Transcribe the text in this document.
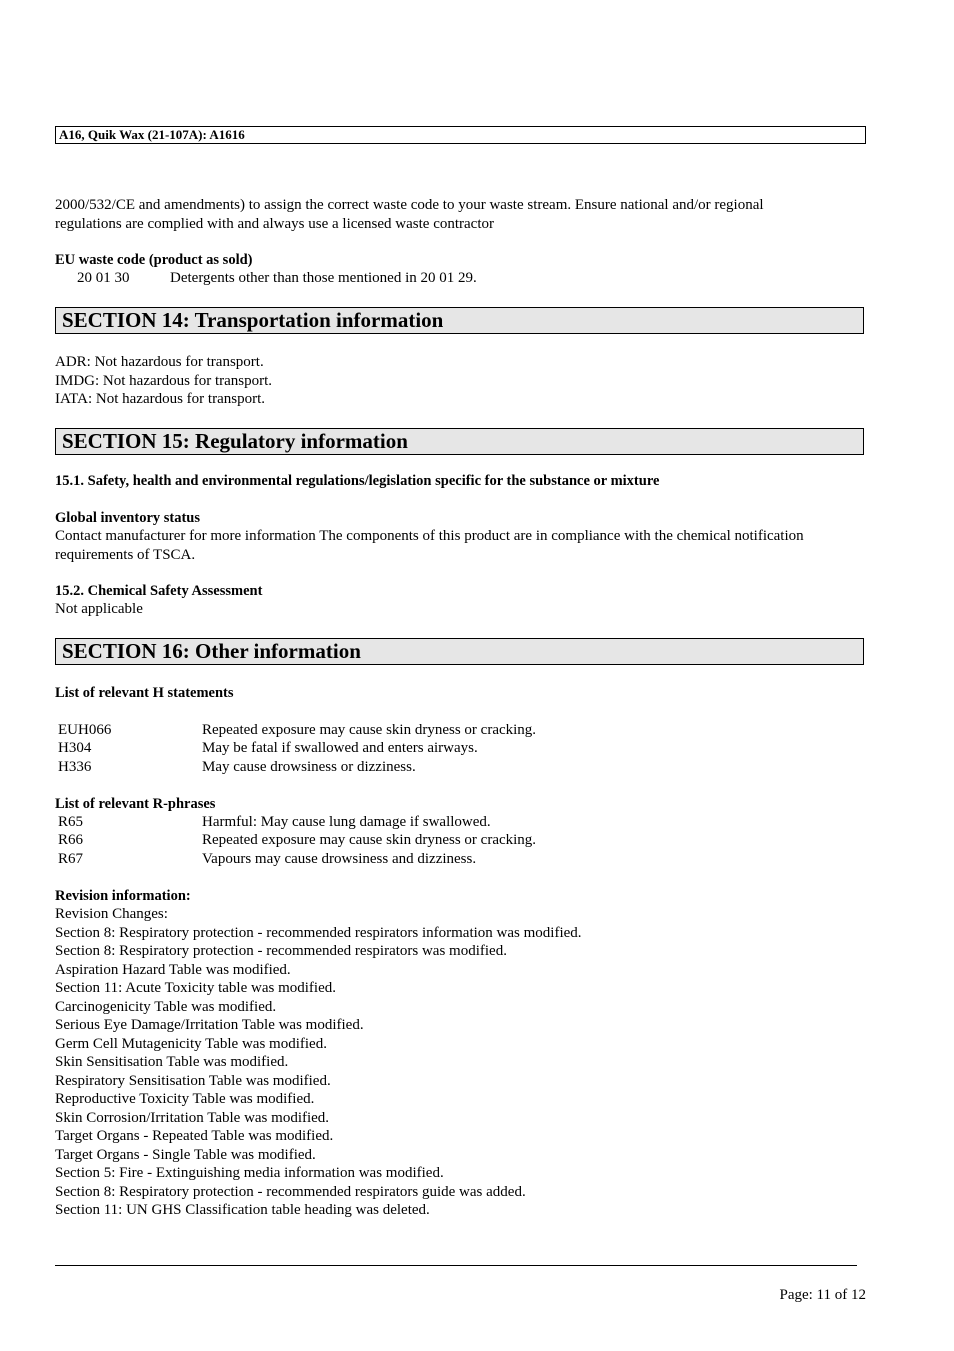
A16, Quik Wax (21-107A): A1616
2000/532/CE and amendments) to assign the correct waste code to your waste stream. Ensure national and/or regional
regulations are complied with and always use a licensed waste contractor
EU waste code (product as sold)
20 01 30	Detergents other than those mentioned in 20 01 29.
SECTION 14: Transportation information
ADR: Not hazardous for transport.
IMDG: Not hazardous for transport.
IATA: Not hazardous for transport.
SECTION 15: Regulatory information
15.1. Safety, health and environmental regulations/legislation specific for the substance or mixture
Global inventory status
Contact manufacturer for more information The components of this product are in compliance with the chemical notification
requirements of TSCA.
15.2. Chemical Safety Assessment
Not applicable
SECTION 16: Other information
List of relevant H statements
EUH066	Repeated exposure may cause skin dryness or cracking.
H304	May be fatal if swallowed and enters airways.
H336	May cause drowsiness or dizziness.
List of relevant R-phrases
R65	Harmful: May cause lung damage if swallowed.
R66	Repeated exposure may cause skin dryness or cracking.
R67	Vapours may cause drowsiness and dizziness.
Revision information:
Revision Changes:
Section 8: Respiratory protection - recommended respirators information was modified.
Section 8: Respiratory protection - recommended respirators was modified.
Aspiration Hazard Table was modified.
Section 11: Acute Toxicity table was modified.
Carcinogenicity Table was modified.
Serious Eye Damage/Irritation Table was modified.
Germ Cell Mutagenicity Table was modified.
Skin Sensitisation Table was modified.
Respiratory Sensitisation Table was modified.
Reproductive Toxicity Table was modified.
Skin Corrosion/Irritation Table was modified.
Target Organs - Repeated Table was modified.
Target Organs - Single Table was modified.
Section 5: Fire - Extinguishing media information was modified.
Section 8: Respiratory protection - recommended respirators guide was added.
Section 11: UN GHS Classification table heading was deleted.
Page: 11 of 12
